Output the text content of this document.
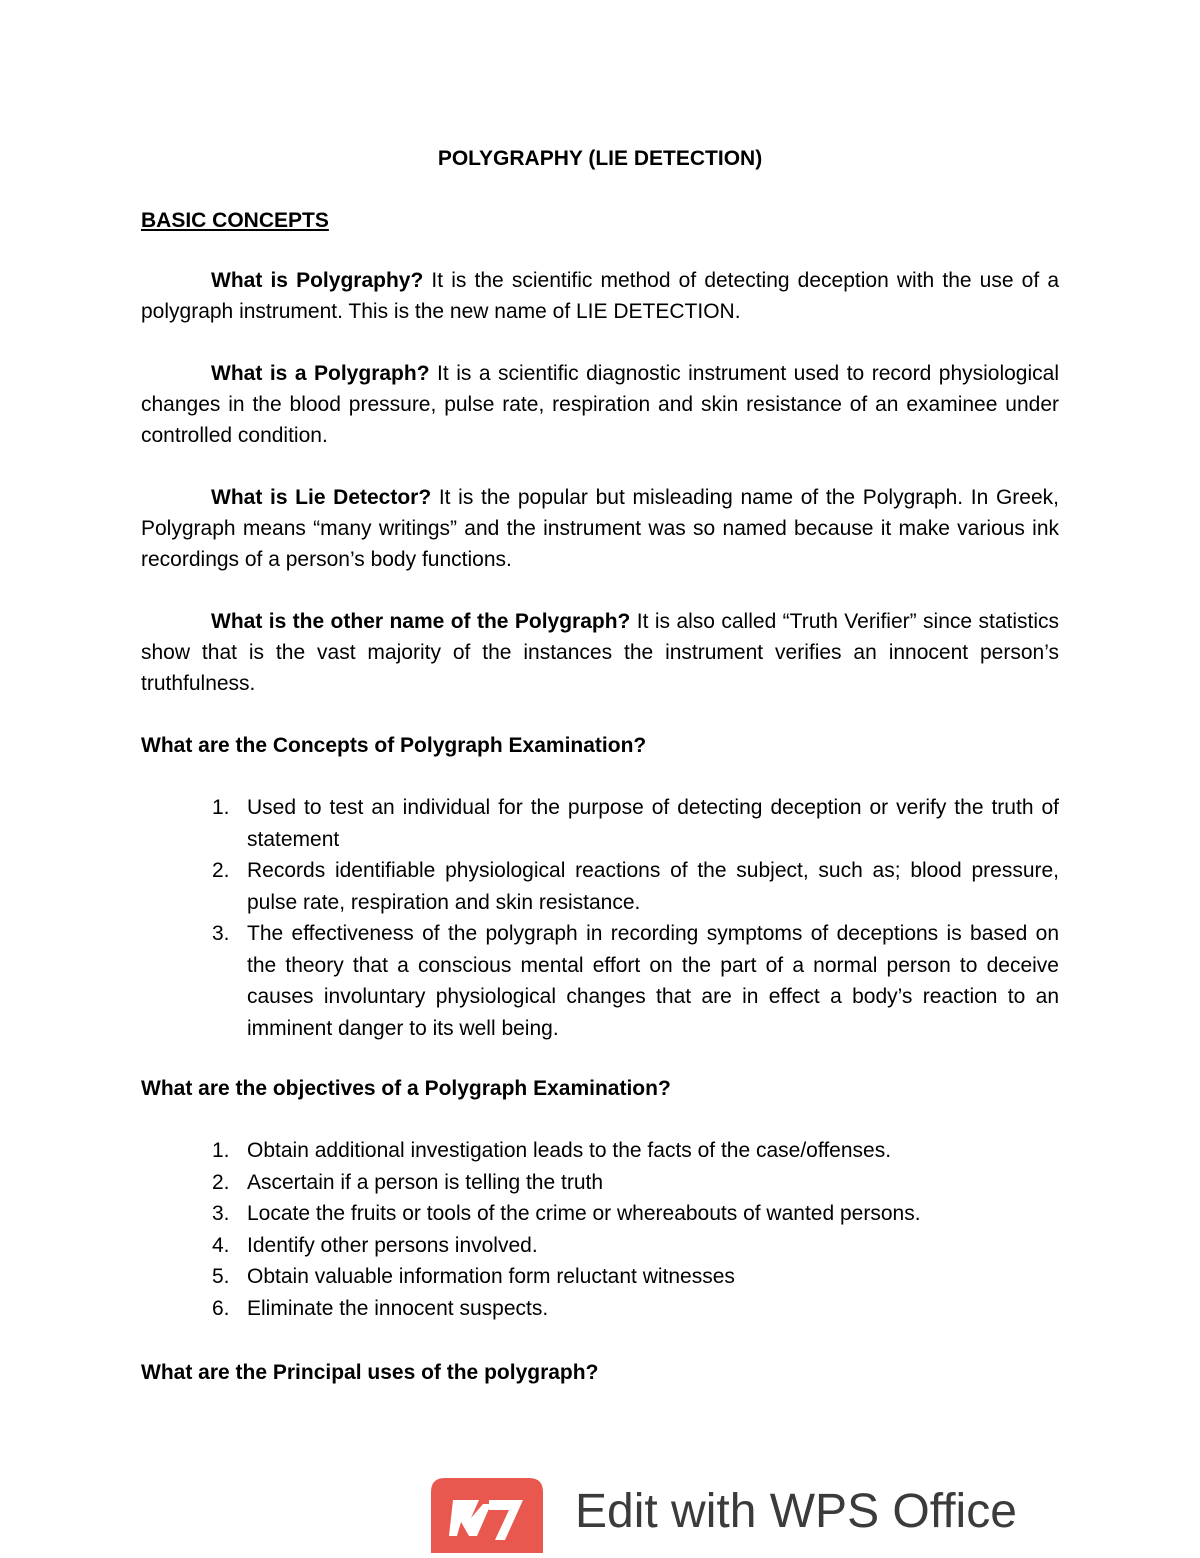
POLYGRAPHY (LIE DETECTION)
BASIC CONCEPTS

What is Polygraphy? It is the scientific method of detecting deception with the use of a polygraph instrument. This is the new name of LIE DETECTION.

What is a Polygraph? It is a scientific diagnostic instrument used to record physiological changes in the blood pressure, pulse rate, respiration and skin resistance of an examinee under controlled condition.

What is Lie Detector? It is the popular but misleading name of the Polygraph. In Greek, Polygraph means “many writings” and the instrument was so named because it make various ink recordings of a person’s body functions.

What is the other name of the Polygraph? It is also called “Truth Verifier” since statistics show that is the vast majority of the instances the instrument verifies an innocent person’s truthfulness.

What are the Concepts of Polygraph Examination?
1. Used to test an individual for the purpose of detecting deception or verify the truth of statement
2. Records identifiable physiological reactions of the subject, such as; blood pressure, pulse rate, respiration and skin resistance.
3. The effectiveness of the polygraph in recording symptoms of deceptions is based on the theory that a conscious mental effort on the part of a normal person to deceive causes involuntary physiological changes that are in effect a body’s reaction to an imminent danger to its well being.
What are the objectives of a Polygraph Examination?
1. Obtain additional investigation leads to the facts of the case/offenses.
2. Ascertain if a person is telling the truth
3. Locate the fruits or tools of the crime or whereabouts of wanted persons.
4. Identify other persons involved.
5. Obtain valuable information form reluctant witnesses
6. Eliminate the innocent suspects.
What are the Principal uses of the polygraph?
Edit with WPS Office
